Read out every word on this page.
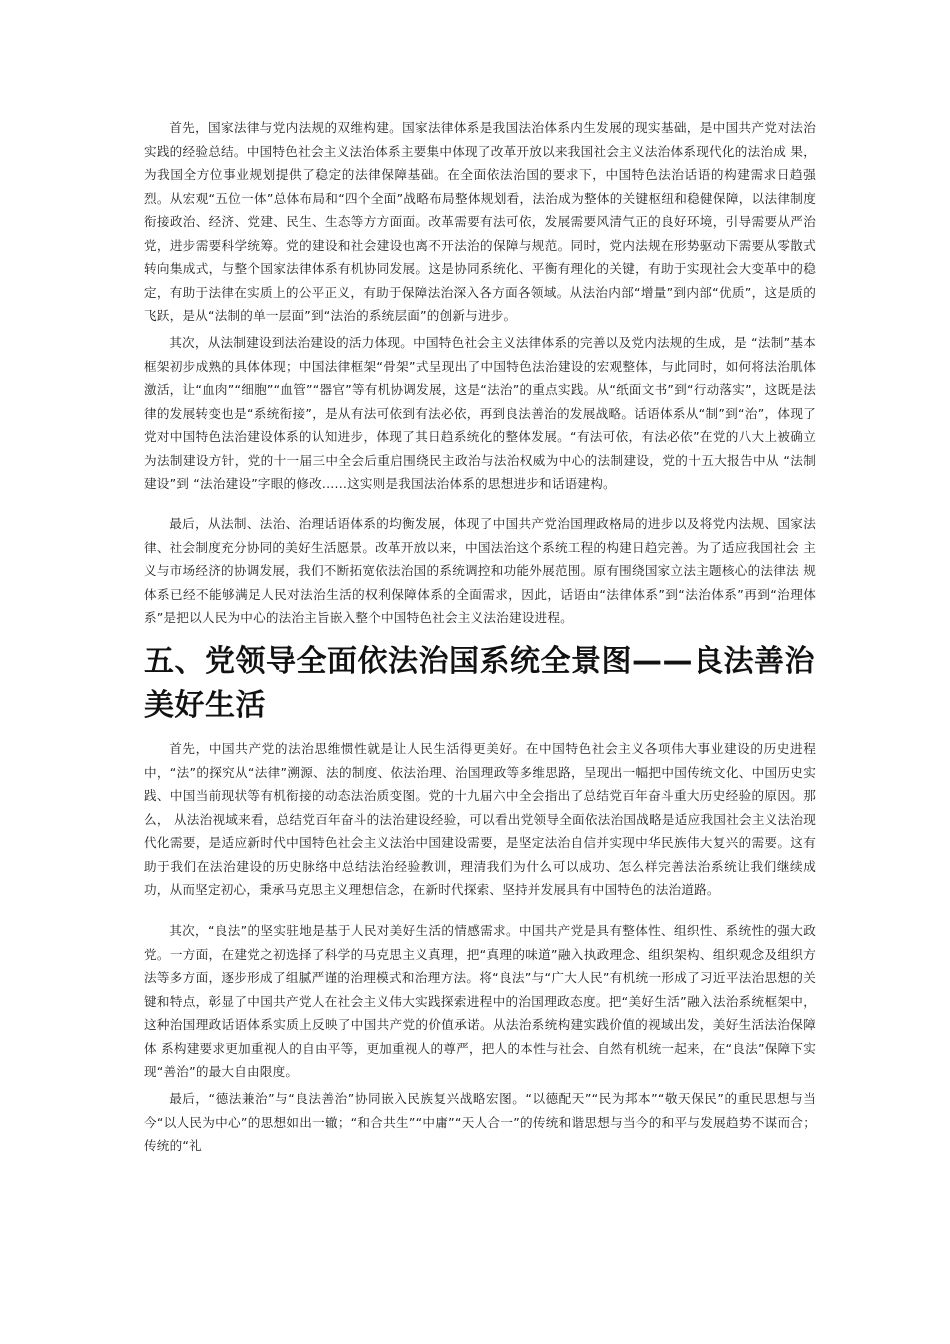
首先，国家法律与党内法规的双维构建。国家法律体系是我国法治体系内生发展的现实基础，是中国共产党对法治实践的经验总结。中国特色社会主义法治体系主要集中体现了改革开放以来我国社会主义法治体系现代化的法治成 果，为我国全方位事业规划提供了稳定的法律保障基础。在全面依法治国的要求下，中国特色法治话语的构建需求日趋强烈。从宏观“五位一体”总体布局和“四个全面”战略布局整体规划看，法治成为整体的关键枢纽和稳健保障，以法律制度衔接政治、经济、党建、民生、生态等方方面面。改革需要有法可依，发展需要风清气正的良好环境，引导需要从严治党，进步需要科学统筹。党的建设和社会建设也离不开法治的保障与规范。同时，党内法规在形势驱动下需要从零散式转向集成式，与整个国家法律体系有机协同发展。这是协同系统化、平衡有理化的关键，有助于实现社会大变革中的稳定，有助于法律在实质上的公平正义，有助于保障法治深入各方面各领域。从法治内部“增量”到内部“优质”，这是质的飞跃，是从“法制的单一层面”到“法治的系统层面”的创新与进步。

其次，从法制建设到法治建设的活力体现。中国特色社会主义法律体系的完善以及党内法规的生成，是 “法制”基本框架初步成熟的具体体现；中国法律框架“骨架”式呈现出了中国特色法治建设的宏观整体，与此同时，如何将法治肌体激活，让“血肉”“细胞”“血管”“器官”等有机协调发展，这是“法治”的重点实践。从“纸面文书”到“行动落实”，这既是法律的发展转变也是“系统衔接”，是从有法可依到有法必依，再到良法善治的发展战略。话语体系从“制”到“治”，体现了党对中国特色法治建设体系的认知进步，体现了其日趋系统化的整体发展。“有法可依，有法必依”在党的八大上被确立为法制建设方针，党的十一届三中全会后重启围绕民主政治与法治权威为中心的法制建设，党的十五大报告中从 “法制建设”到 “法治建设”字眼的修改......这实则是我国法治体系的思想进步和话语建构。

最后，从法制、法治、治理话语体系的均衡发展，体现了中国共产党治国理政格局的进步以及将党内法规、国家法律、社会制度充分协同的美好生活愿景。改革开放以来，中国法治这个系统工程的构建日趋完善。为了适应我国社会 主义与市场经济的协调发展，我们不断拓宽依法治国的系统调控和功能外展范围。原有围绕国家立法主题核心的法律法 规体系已经不能够满足人民对法治生活的权利保障体系的全面需求，因此，话语由“法律体系”到“法治体系”再到“治理体系”是把以人民为中心的法治主旨嵌入整个中国特色社会主义法治建设进程。

五、党领导全面依法治国系统全景图——良法善治美好生活

首先，中国共产党的法治思维惯性就是让人民生活得更美好。在中国特色社会主义各项伟大事业建设的历史进程 中，“法”的探究从“法律”溯源、法的制度、依法治理、治国理政等多维思路，呈现出一幅把中国传统文化、中国历史实践、中国当前现状等有机衔接的动态法治质变图。党的十九届六中全会指出了总结党百年奋斗重大历史经验的原因。那么， 从法治视域来看，总结党百年奋斗的法治建设经验，可以看出党领导全面依法治国战略是适应我国社会主义法治现代化需要，是适应新时代中国特色社会主义法治中国建设需要，是坚定法治自信并实现中华民族伟大复兴的需要。这有助于我们在法治建设的历史脉络中总结法治经验教训，理清我们为什么可以成功、怎么样完善法治系统让我们继续成功，从而坚定初心，秉承马克思主义理想信念，在新时代探索、坚持并发展具有中国特色的法治道路。

其次，“良法”的坚实驻地是基于人民对美好生活的情感需求。中国共产党是具有整体性、组织性、系统性的强大政党。一方面，在建党之初选择了科学的马克思主义真理，把“真理的味道”融入执政理念、组织架构、组织观念及组织方法等多方面，逐步形成了组腻严谨的治理模式和治理方法。将“良法”与“广大人民”有机统一形成了习近平法治思想的关键和特点，彰显了中国共产党人在社会主义伟大实践探索进程中的治国理政态度。把“美好生活”融入法治系统框架中，这种治国理政话语体系实质上反映了中国共产党的价值承诺。从法治系统构建实践价值的视域出发，美好生活法治保障体 系构建要求更加重视人的自由平等，更加重视人的尊严，把人的本性与社会、自然有机统一起来，在“良法”保障下实现“善治”的最大自由限度。

最后，“德法兼治”与“良法善治”协同嵌入民族复兴战略宏图。“以德配天”“民为邦本”“敬天保民”的重民思想与当今“以人民为中心”的思想如出一辙；“和合共生”“中庸”“天人合一”的传统和谐思想与当今的和平与发展趋势不谋而合；传统的“礼
